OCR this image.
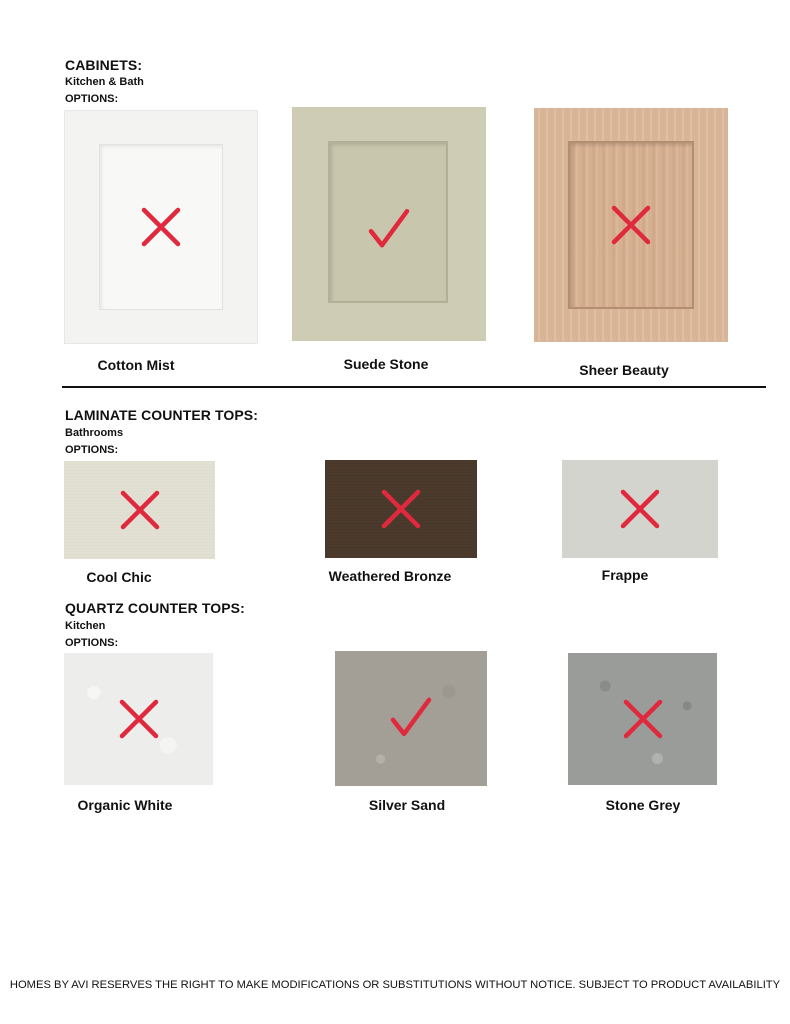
CABINETS:
Kitchen & Bath
OPTIONS:
Cotton Mist	Suede Stone	Sheer Beauty
LAMINATE COUNTER TOPS:
Bathrooms
OPTIONS:
Cool Chic	Weathered Bronze	Frappe
QUARTZ COUNTER TOPS:
Kitchen
OPTIONS:
Organic White	Silver Sand	Stone Grey
HOMES BY AVI RESERVES THE RIGHT TO MAKE MODIFICATIONS OR SUBSTITUTIONS WITHOUT NOTICE. SUBJECT TO PRODUCT AVAILABILITY
